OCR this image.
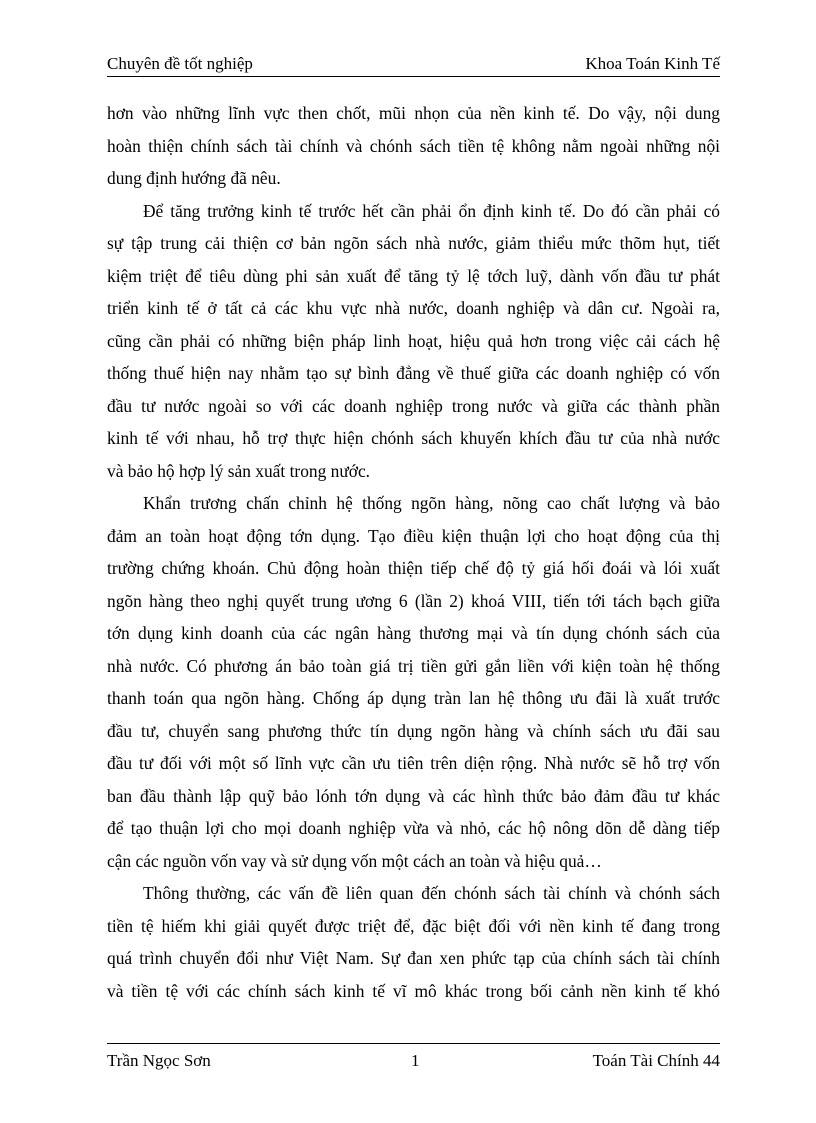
Chuyên đề tốt nghiệp	Khoa Toán Kinh Tế
hơn vào những lĩnh vực then chốt, mũi nhọn của nền kinh tế. Do vậy, nội dung
hoàn thiện chính sách tài chính và chónh sách tiền tệ không nằm ngoài những nội
dung định hướng đã nêu.
Để tăng trưởng kinh tế trước hết cần phải ổn định kinh tế. Do đó cần phải có
sự tập trung cải thiện cơ bản ngõn sách nhà nước, giảm thiểu mức thõm hụt, tiết
kiệm triệt để tiêu dùng phi sản xuất để tăng tỷ lệ tớch luỹ, dành vốn đầu tư phát
triển kinh tế ở tất cả các khu vực nhà nước, doanh nghiệp và dân cư. Ngoài ra,
cũng cần phải có những biện pháp linh hoạt, hiệu quả hơn trong việc cải cách hệ
thống thuế hiện nay nhằm tạo sự bình đẳng về thuế giữa các doanh nghiệp có vốn
đầu tư nước ngoài so với các doanh nghiệp trong nước và giữa các thành phần
kinh tế với nhau, hỗ trợ thực hiện chónh sách khuyến khích đầu tư của nhà nước
và bảo hộ hợp lý sản xuất trong nước.
Khẩn trương chấn chỉnh hệ thống ngõn hàng, nõng cao chất lượng và bảo
đảm an toàn hoạt động tớn dụng. Tạo điều kiện thuận lợi cho hoạt động của thị
trường chứng khoán. Chủ động hoàn thiện tiếp chế độ tỷ giá hối đoái và lói xuất
ngõn hàng theo nghị quyết trung ương 6 (lần 2) khoá VIII, tiến tới tách bạch giữa
tớn dụng kinh doanh của các ngân hàng thương mại và tín dụng chónh sách của
nhà nước. Có phương án bảo toàn giá trị tiền gửi gắn liền với kiện toàn hệ thống
thanh toán qua ngõn hàng. Chống áp dụng tràn lan hệ thông ưu đãi là xuất trước
đầu tư, chuyển sang phương thức tín dụng ngõn hàng và chính sách ưu đãi sau
đầu tư đối với một số lĩnh vực cần ưu tiên trên diện rộng. Nhà nước sẽ hỗ trợ vốn
ban đầu thành lập quỹ bảo lónh tớn dụng và các hình thức bảo đảm đầu tư khác
để tạo thuận lợi cho mọi doanh nghiệp vừa và nhỏ, các hộ nông dõn dễ dàng tiếp
cận các nguồn vốn vay và sử dụng vốn một cách an toàn và hiệu quả…
Thông thường, các vấn đề liên quan đến chónh sách tài chính và chónh sách
tiền tệ hiếm khi giải quyết được triệt để, đặc biệt đối với nền kinh tế đang trong
quá trình chuyển đổi như Việt Nam. Sự đan xen phức tạp của chính sách tài chính
và tiền tệ với các chính sách kinh tế vĩ mô khác trong bối cảnh nền kinh tế khó
Trần Ngọc Sơn	1	Toán Tài Chính 44
